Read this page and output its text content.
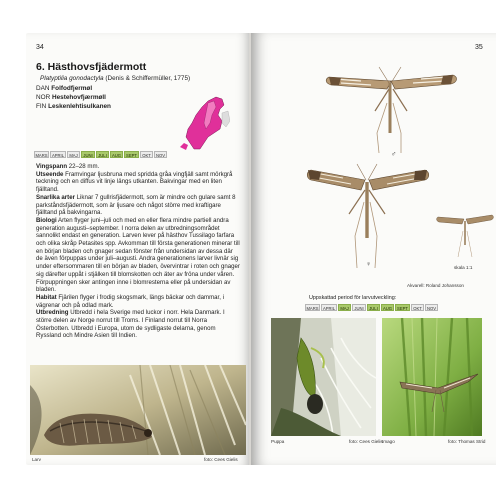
34
6. Hästhovsfjädermott
Platyptilia gonodactyla (Denis & Schiffermüller, 1775)
DAN Folfodfjermøl
NOR Hestehovfjærmøll
FIN Leskenlehtisulkanen
MARS	APRIL	MAJ	JUNI	JULI	AUG	SEPT	OKT	NOV

Vingspann 22–28 mm.

Utseende Framvingar ljusbruna med spridda gråa vingfjäll samt mörkgrå teckning och en diffus vit linje längs utkanten. Bakvingar med en liten fjälltand.

Snarlika arter Liknar 7 gullrisfjädermott, som är mindre och gulare samt 8 parkståndsfjädermott, som är ljusare och något större med kraftigare fjälltand på bakvingarna.

Biologi Arten flyger juni–juli och med en eller flera mindre partiell andra generation augusti–september. I norra delen av utbredningsområdet sannolikt endast en generation. Larven lever på hästhov Tussilago farfara och olika skråp Petasites spp. Avkomman till första generationen minerar till en början bladen och gnager sedan fönster från undersidan av dessa där de även förpuppas under juli–augusti. Andra generationens larver livnär sig under eftersommaren till en början av bladen, övervintrar i roten och gnager sig därefter uppåt i stjälken till blomskotten och äter av fröna under våren. Förpuppningen sker antingen inne i blomresterna eller på undersidan av bladen.

Habitat Fjärilen flyger i frodig skogsmark, längs bäckar och dammar, i vägrenar och på odlad mark.

Utbredning Utbredd i hela Sverige med luckor i norr. Hela Danmark. I större delen av Norge norrut till Troms. I Finland norrut till Norra Österbotten. Utbredd i Europa, utom de sydligaste delarna, genom Ryssland och Mindre Asien till Indien.

Larv	foto: Cees Gielis
35
♂
♀	skala 1:1
Akvarell: Roland Johansson
Uppskattad period för larvutveckling:
MARS	APRIL	MAJ	JUNI	JULI	AUG	SEPT	OKT	NOV
Puppa	foto: Cees Gielis Imago	foto: Thomas Strid
